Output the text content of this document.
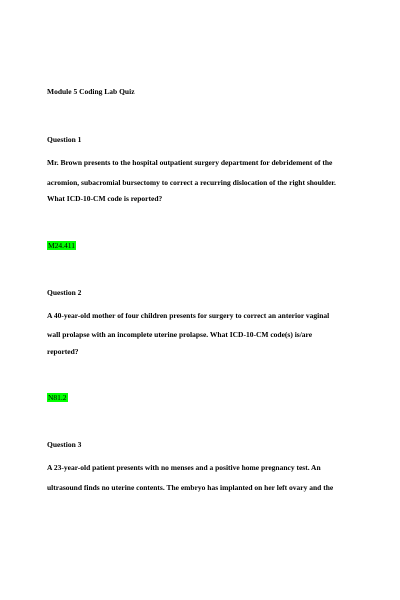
Module 5 Coding Lab Quiz

Question 1

Mr. Brown presents to the hospital outpatient surgery department for debridement of the

acromion, subacromial bursectomy to correct a recurring dislocation of the right shoulder.

What ICD-10-CM code is reported?

M24.411

Question 2

A 40-year-old mother of four children presents for surgery to correct an anterior vaginal

wall prolapse with an incomplete uterine prolapse. What ICD-10-CM code(s) is/are

reported?

N81.2

Question 3

A 23-year-old patient presents with no menses and a positive home pregnancy test. An

ultrasound finds no uterine contents. The embryo has implanted on her left ovary and the
